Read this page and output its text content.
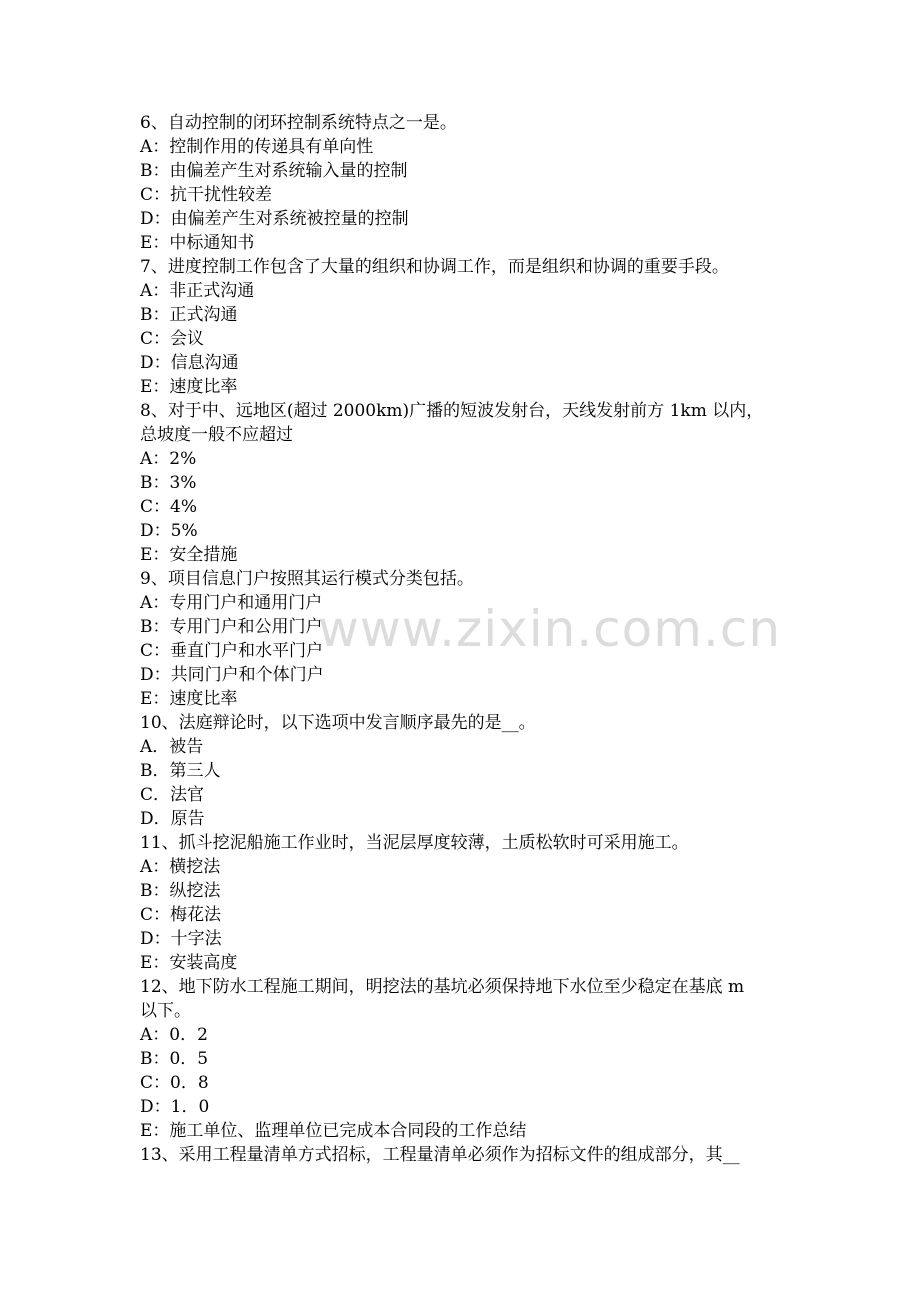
www.zixin.com.cn
6、自动控制的闭环控制系统特点之一是。
A：控制作用的传递具有单向性
B：由偏差产生对系统输入量的控制
C：抗干扰性较差
D：由偏差产生对系统被控量的控制
E：中标通知书
7、进度控制工作包含了大量的组织和协调工作，而是组织和协调的重要手段。
A：非正式沟通
B：正式沟通
C：会议
D：信息沟通
E：速度比率
8、对于中、远地区(超过 2000km)广播的短波发射台，天线发射前方 1km 以内，
总坡度一般不应超过
A：2%
B：3%
C：4%
D：5%
E：安全措施
9、项目信息门户按照其运行模式分类包括。
A：专用门户和通用门户
B：专用门户和公用门户
C：垂直门户和水平门户
D：共同门户和个体门户
E：速度比率
10、法庭辩论时，以下选项中发言顺序最先的是__。
A．被告
B．第三人
C．法官
D．原告
11、抓斗挖泥船施工作业时，当泥层厚度较薄，土质松软时可采用施工。
A：横挖法
B：纵挖法
C：梅花法
D：十字法
E：安装高度
12、地下防水工程施工期间，明挖法的基坑必须保持地下水位至少稳定在基底 m
以下。
A：0．2
B：0．5
C：0．8
D：1．0
E：施工单位、监理单位已完成本合同段的工作总结
13、采用工程量清单方式招标，工程量清单必须作为招标文件的组成部分，其__
